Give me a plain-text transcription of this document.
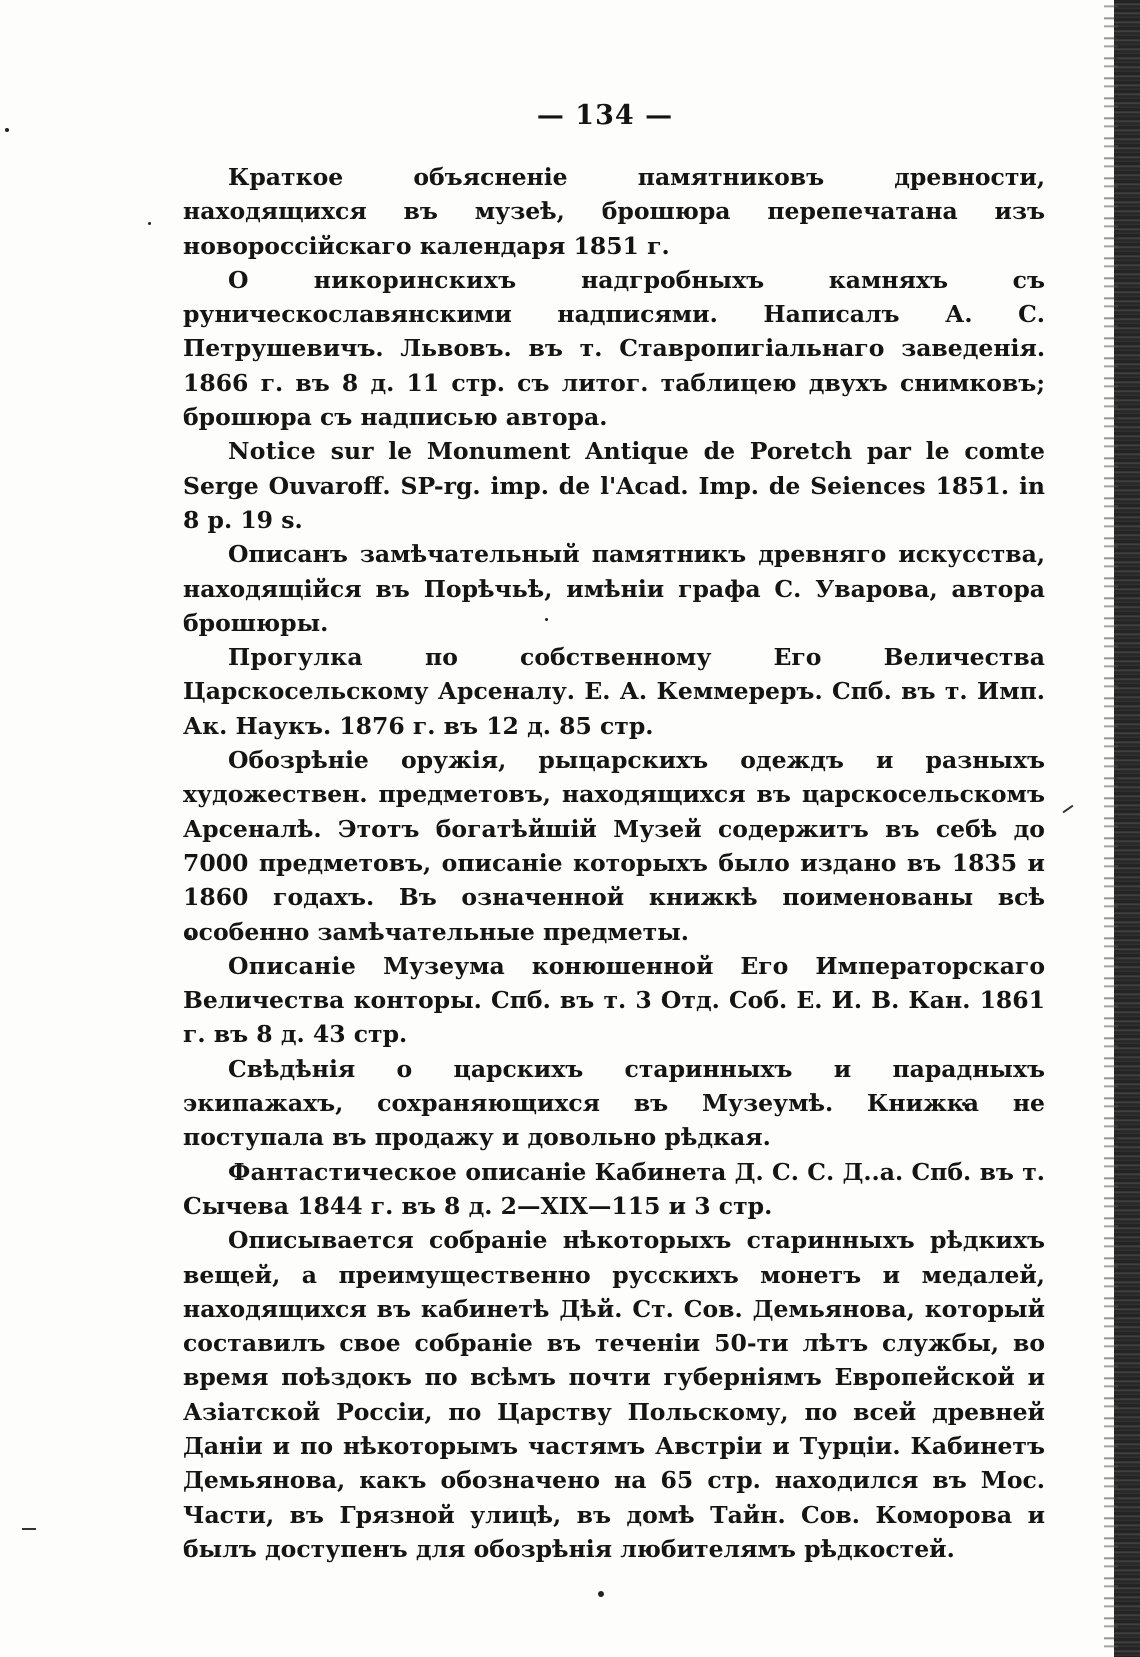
— 134 —

Краткое объясненіе памятниковъ древности, находящихся въ музеѣ, брошюра перепечатана изъ новороссійскаго календаря 1851 г.

О никоринскихъ надгробныхъ камняхъ съ руническославянскими надписями. Написалъ А. С. Петрушевичъ. Львовъ. въ т. Ставропигіальнаго заведенія. 1866 г. въ 8 д. 11 стр. съ литог. таблицею двухъ снимковъ; брошюра съ надписью автора.

Notice sur le Monument Antique de Poretch par le comte Serge Ouvaroff. SP-rg. imp. de l'Acad. Imp. de Seiences 1851. in 8 p. 19 s.

Описанъ замѣчательный памятникъ древняго искусства, находящійся въ Порѣчьѣ, имѣніи графа С. Уварова, автора брошюры.

Прогулка по собственному Его Величества Царскосельскому Арсеналу. Е. А. Кеммереръ. Спб. въ т. Имп. Ак. Наукъ. 1876 г. въ 12 д. 85 стр.

Обозрѣніе оружія, рыцарскихъ одеждъ и разныхъ художествен. предметовъ, находящихся въ царскосельскомъ Арсеналѣ. Этотъ богатѣйшій Музей содержитъ въ себѣ до 7000 предметовъ, описаніе которыхъ было издано въ 1835 и 1860 годахъ. Въ означенной книжкѣ поименованы всѣ особенно замѣчательные предметы.

Описаніе Музеума конюшенной Его Императорскаго Величества конторы. Спб. въ т. 3 Отд. Соб. Е. И. В. Кан. 1861 г. въ 8 д. 43 стр.

Свѣдѣнія о царскихъ старинныхъ и парадныхъ экипажахъ, сохраняющихся въ Музеумѣ. Книжка не поступала въ продажу и довольно рѣдкая.

Фантастическое описаніе Кабинета Д. С. С. Д..а. Спб. въ т. Сычева 1844 г. въ 8 д. 2—XIX—115 и 3 стр.

Описывается собраніе нѣкоторыхъ старинныхъ рѣдкихъ вещей, а преимущественно русскихъ монетъ и медалей, находящихся въ кабинетѣ Дѣй. Ст. Сов. Демьянова, который составилъ свое собраніе въ теченіи 50-ти лѣтъ службы, во время поѣздокъ по всѣмъ почти губерніямъ Европейской и Азіатской Россіи, по Царству Польскому, по всей древней Даніи и по нѣкоторымъ частямъ Австріи и Турціи. Кабинетъ Демьянова, какъ обозначено на 65 стр. находился въ Мос. Части, въ Грязной улицѣ, въ домѣ Тайн. Сов. Коморова и былъ доступенъ для обозрѣнія любителямъ рѣдкостей.
